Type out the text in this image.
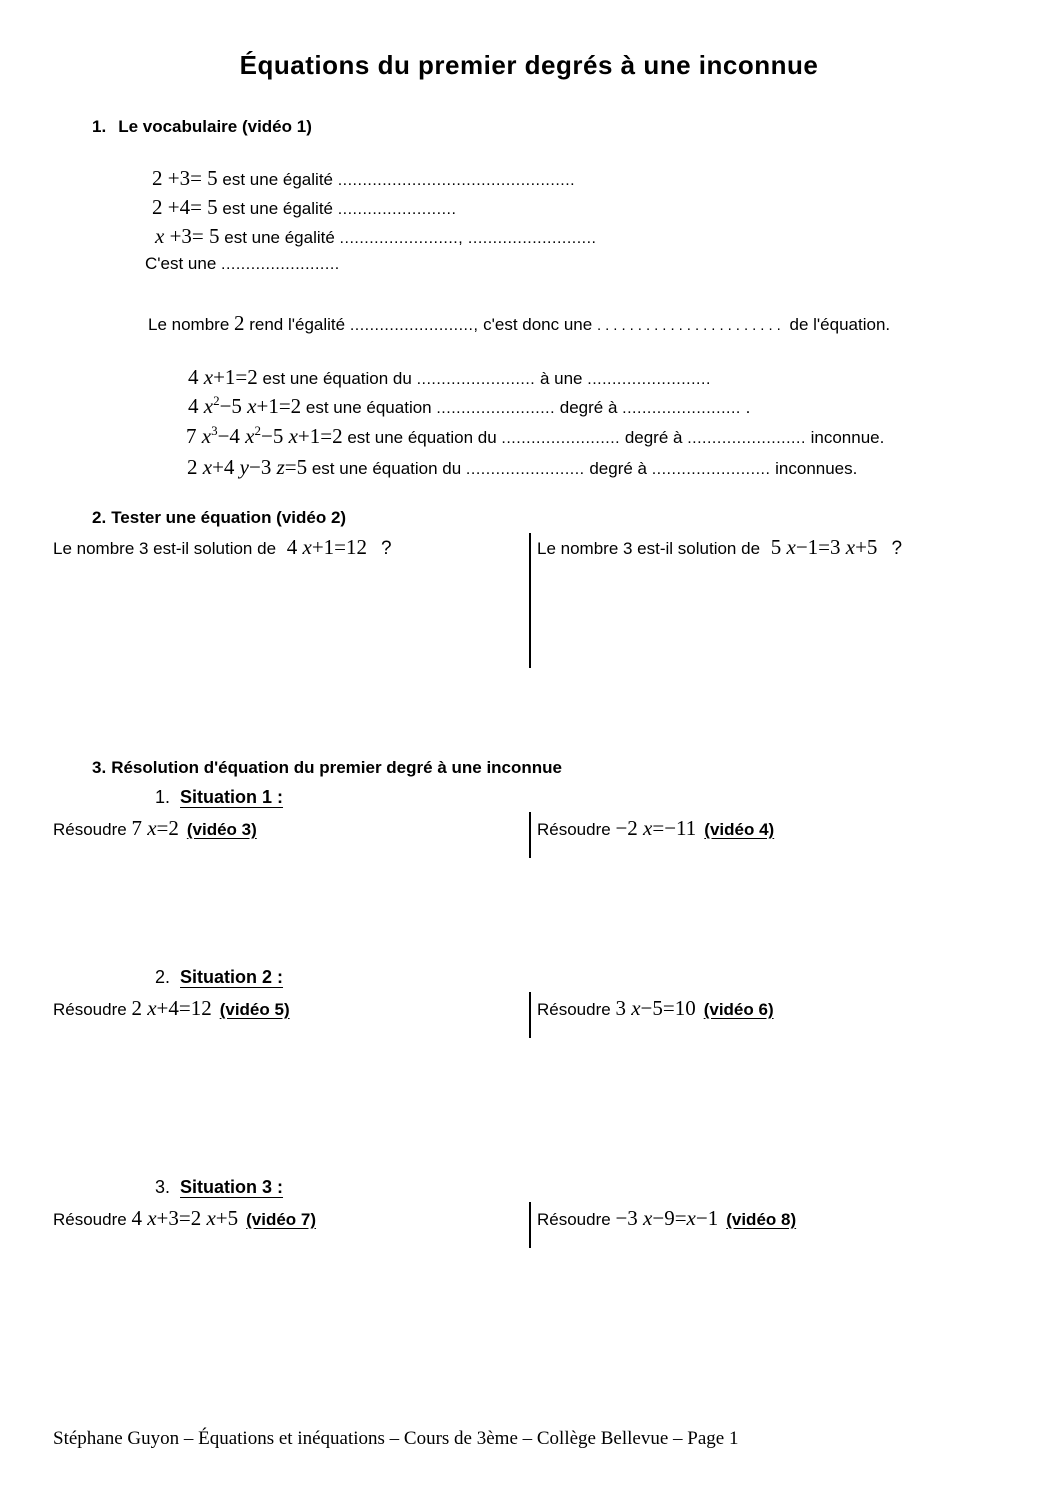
Équations du premier degrés à une inconnue
1. Le vocabulaire (vidéo 1)
2 +3= 5 est une égalité ................................................
2 +4= 5 est une égalité ........................
x +3= 5 est une égalité ........................, ..........................
C'est une ........................
Le nombre 2 rend l'égalité ........................., c'est donc une ....................... de l'équation.
4 x+1=2 est une équation du ........................ à une .........................
4 $x^2-5$ x+1=2 est une équation ........................ degré à ........................ .
7 $x^3-4$ $x^2-5$ x+1=2 est une équation du ........................ degré à ........................ inconnue.
2 x+4 y−3 z=5 est une équation du ........................ degré à ........................ inconnues.
2. Tester une équation (vidéo 2)
Le nombre 3 est-il solution de 4 x+1=12 ?	Le nombre 3 est-il solution de 5 x−1=3 x+5 ?
3. Résolution d'équation du premier degré à une inconnue
1. Situation 1 :
Résoudre 7 x=2 (vidéo 3)	Résoudre −2 x=−11 (vidéo 4)
2. Situation 2 :
Résoudre 2 x+4=12 (vidéo 5)	Résoudre 3 x−5=10 (vidéo 6)
3. Situation 3 :
Résoudre 4 x+3=2 x+5 (vidéo 7)	Résoudre −3 x−9=x−1 (vidéo 8)
Stéphane Guyon – Équations et inéquations – Cours de 3ème – Collège Bellevue – Page 1
